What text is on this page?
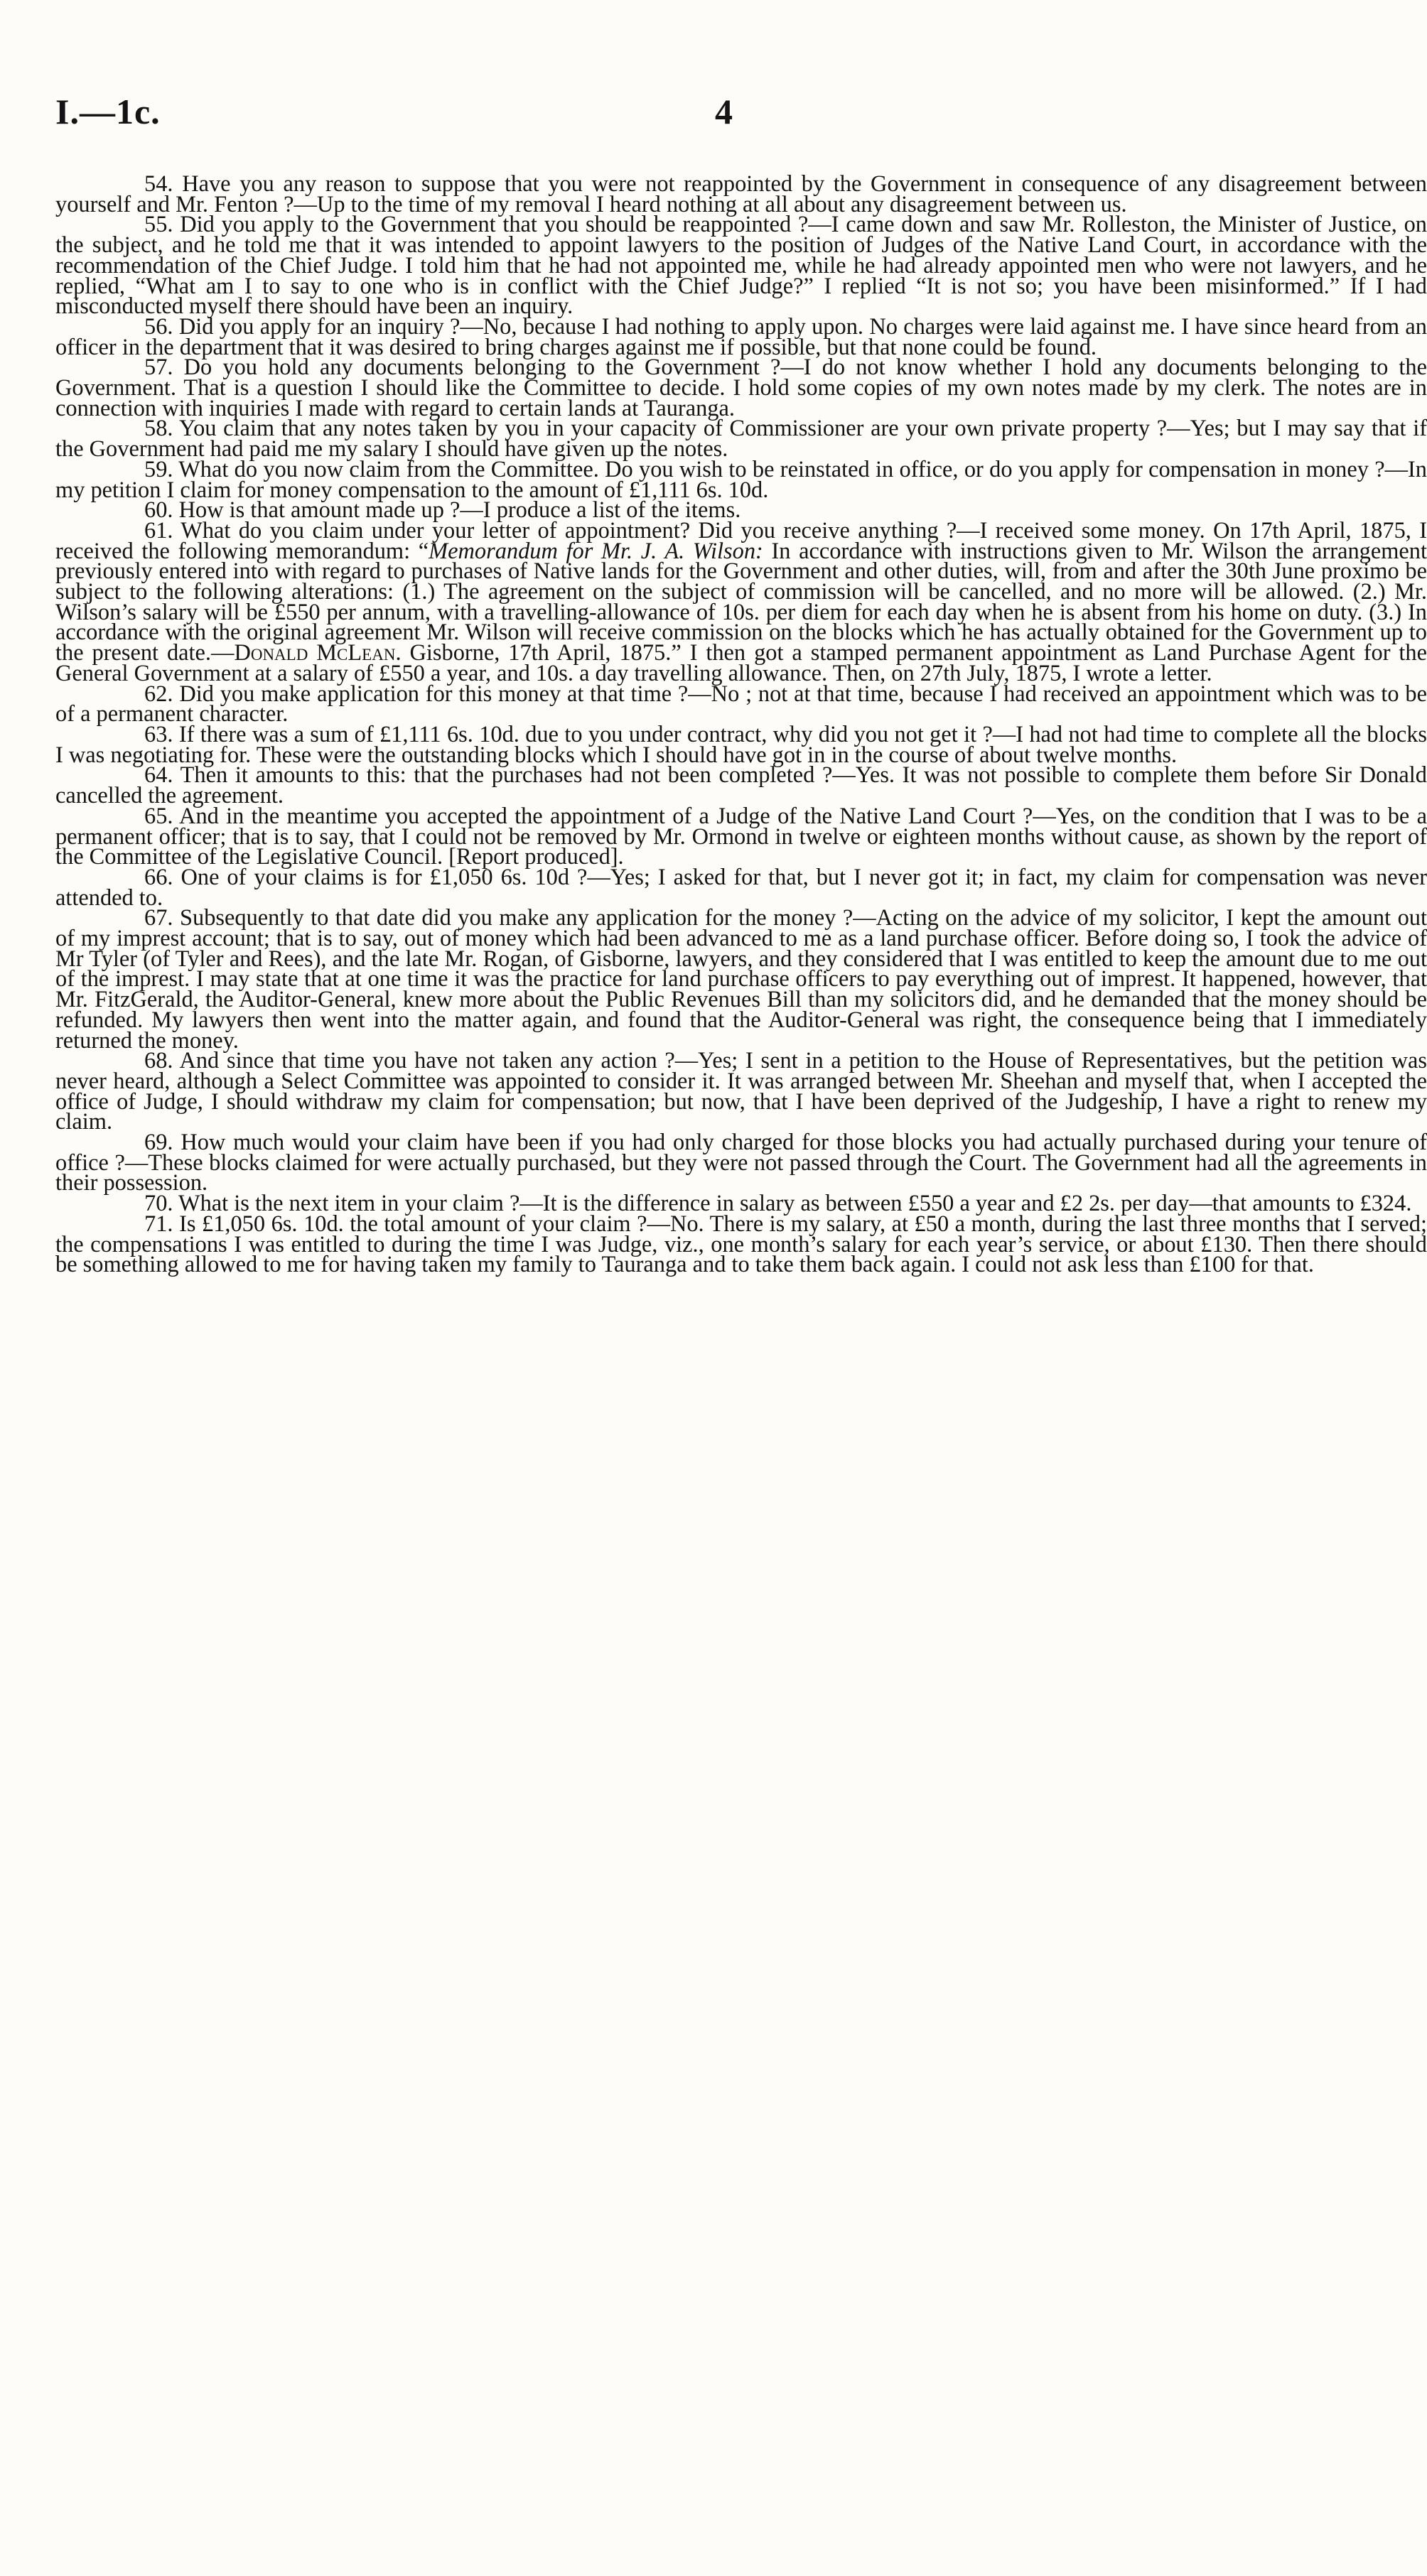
I.—1c.	4

54. Have you any reason to suppose that you were not reappointed by the Government in consequence of any disagreement between yourself and Mr. Fenton ?—Up to the time of my removal I heard nothing at all about any disagreement between us.

55. Did you apply to the Government that you should be reappointed ?—I came down and saw Mr. Rolleston, the Minister of Justice, on the subject, and he told me that it was intended to appoint lawyers to the position of Judges of the Native Land Court, in accordance with the recommendation of the Chief Judge. I told him that he had not appointed me, while he had already appointed men who were not lawyers, and he replied, “What am I to say to one who is in conflict with the Chief Judge?” I replied “It is not so; you have been misinformed.” If I had misconducted myself there should have been an inquiry.

56. Did you apply for an inquiry ?—No, because I had nothing to apply upon. No charges were laid against me. I have since heard from an officer in the department that it was desired to bring charges against me if possible, but that none could be found.

57. Do you hold any documents belonging to the Government ?—I do not know whether I hold any documents belonging to the Government. That is a question I should like the Committee to decide. I hold some copies of my own notes made by my clerk. The notes are in connection with inquiries I made with regard to certain lands at Tauranga.

58. You claim that any notes taken by you in your capacity of Commissioner are your own private property ?—Yes; but I may say that if the Government had paid me my salary I should have given up the notes.

59. What do you now claim from the Committee. Do you wish to be reinstated in office, or do you apply for compensation in money ?—In my petition I claim for money compensation to the amount of £1,111 6s. 10d.

60. How is that amount made up ?—I produce a list of the items.

61. What do you claim under your letter of appointment? Did you receive anything ?—I received some money. On 17th April, 1875, I received the following memorandum: “Memorandum for Mr. J. A. Wilson: In accordance with instructions given to Mr. Wilson the arrangement previously entered into with regard to purchases of Native lands for the Government and other duties, will, from and after the 30th June proximo be subject to the following alterations: (1.) The agreement on the subject of commission will be cancelled, and no more will be allowed. (2.) Mr. Wilson’s salary will be £550 per annum, with a travelling-allowance of 10s. per diem for each day when he is absent from his home on duty. (3.) In accordance with the original agreement Mr. Wilson will receive commission on the blocks which he has actually obtained for the Government up to the present date.—Donald McLean. Gisborne, 17th April, 1875.” I then got a stamped permanent appointment as Land Purchase Agent for the General Government at a salary of £550 a year, and 10s. a day travelling allowance. Then, on 27th July, 1875, I wrote a letter.

62. Did you make application for this money at that time ?—No ; not at that time, because I had received an appointment which was to be of a permanent character.

63. If there was a sum of £1,111 6s. 10d. due to you under contract, why did you not get it ?—I had not had time to complete all the blocks I was negotiating for. These were the outstanding blocks which I should have got in in the course of about twelve months.

64. Then it amounts to this: that the purchases had not been completed ?—Yes. It was not possible to complete them before Sir Donald cancelled the agreement.

65. And in the meantime you accepted the appointment of a Judge of the Native Land Court ?—Yes, on the condition that I was to be a permanent officer; that is to say, that I could not be removed by Mr. Ormond in twelve or eighteen months without cause, as shown by the report of the Committee of the Legislative Council. [Report produced].

66. One of your claims is for £1,050 6s. 10d ?—Yes; I asked for that, but I never got it; in fact, my claim for compensation was never attended to.

67. Subsequently to that date did you make any application for the money ?—Acting on the advice of my solicitor, I kept the amount out of my imprest account; that is to say, out of money which had been advanced to me as a land purchase officer. Before doing so, I took the advice of Mr Tyler (of Tyler and Rees), and the late Mr. Rogan, of Gisborne, lawyers, and they considered that I was entitled to keep the amount due to me out of the imprest. I may state that at one time it was the practice for land purchase officers to pay everything out of imprest. It happened, however, that Mr. FitzGerald, the Auditor-General, knew more about the Public Revenues Bill than my solicitors did, and he demanded that the money should be refunded. My lawyers then went into the matter again, and found that the Auditor-General was right, the consequence being that I immediately returned the money.

68. And since that time you have not taken any action ?—Yes; I sent in a petition to the House of Representatives, but the petition was never heard, although a Select Committee was appointed to consider it. It was arranged between Mr. Sheehan and myself that, when I accepted the office of Judge, I should withdraw my claim for compensation; but now, that I have been deprived of the Judgeship, I have a right to renew my claim.

69. How much would your claim have been if you had only charged for those blocks you had actually purchased during your tenure of office ?—These blocks claimed for were actually purchased, but they were not passed through the Court. The Government had all the agreements in their possession.

70. What is the next item in your claim ?—It is the difference in salary as between £550 a year and £2 2s. per day—that amounts to £324.

71. Is £1,050 6s. 10d. the total amount of your claim ?—No. There is my salary, at £50 a month, during the last three months that I served; the compensations I was entitled to during the time I was Judge, viz., one month’s salary for each year’s service, or about £130. Then there should be something allowed to me for having taken my family to Tauranga and to take them back again. I could not ask less than £100 for that.
